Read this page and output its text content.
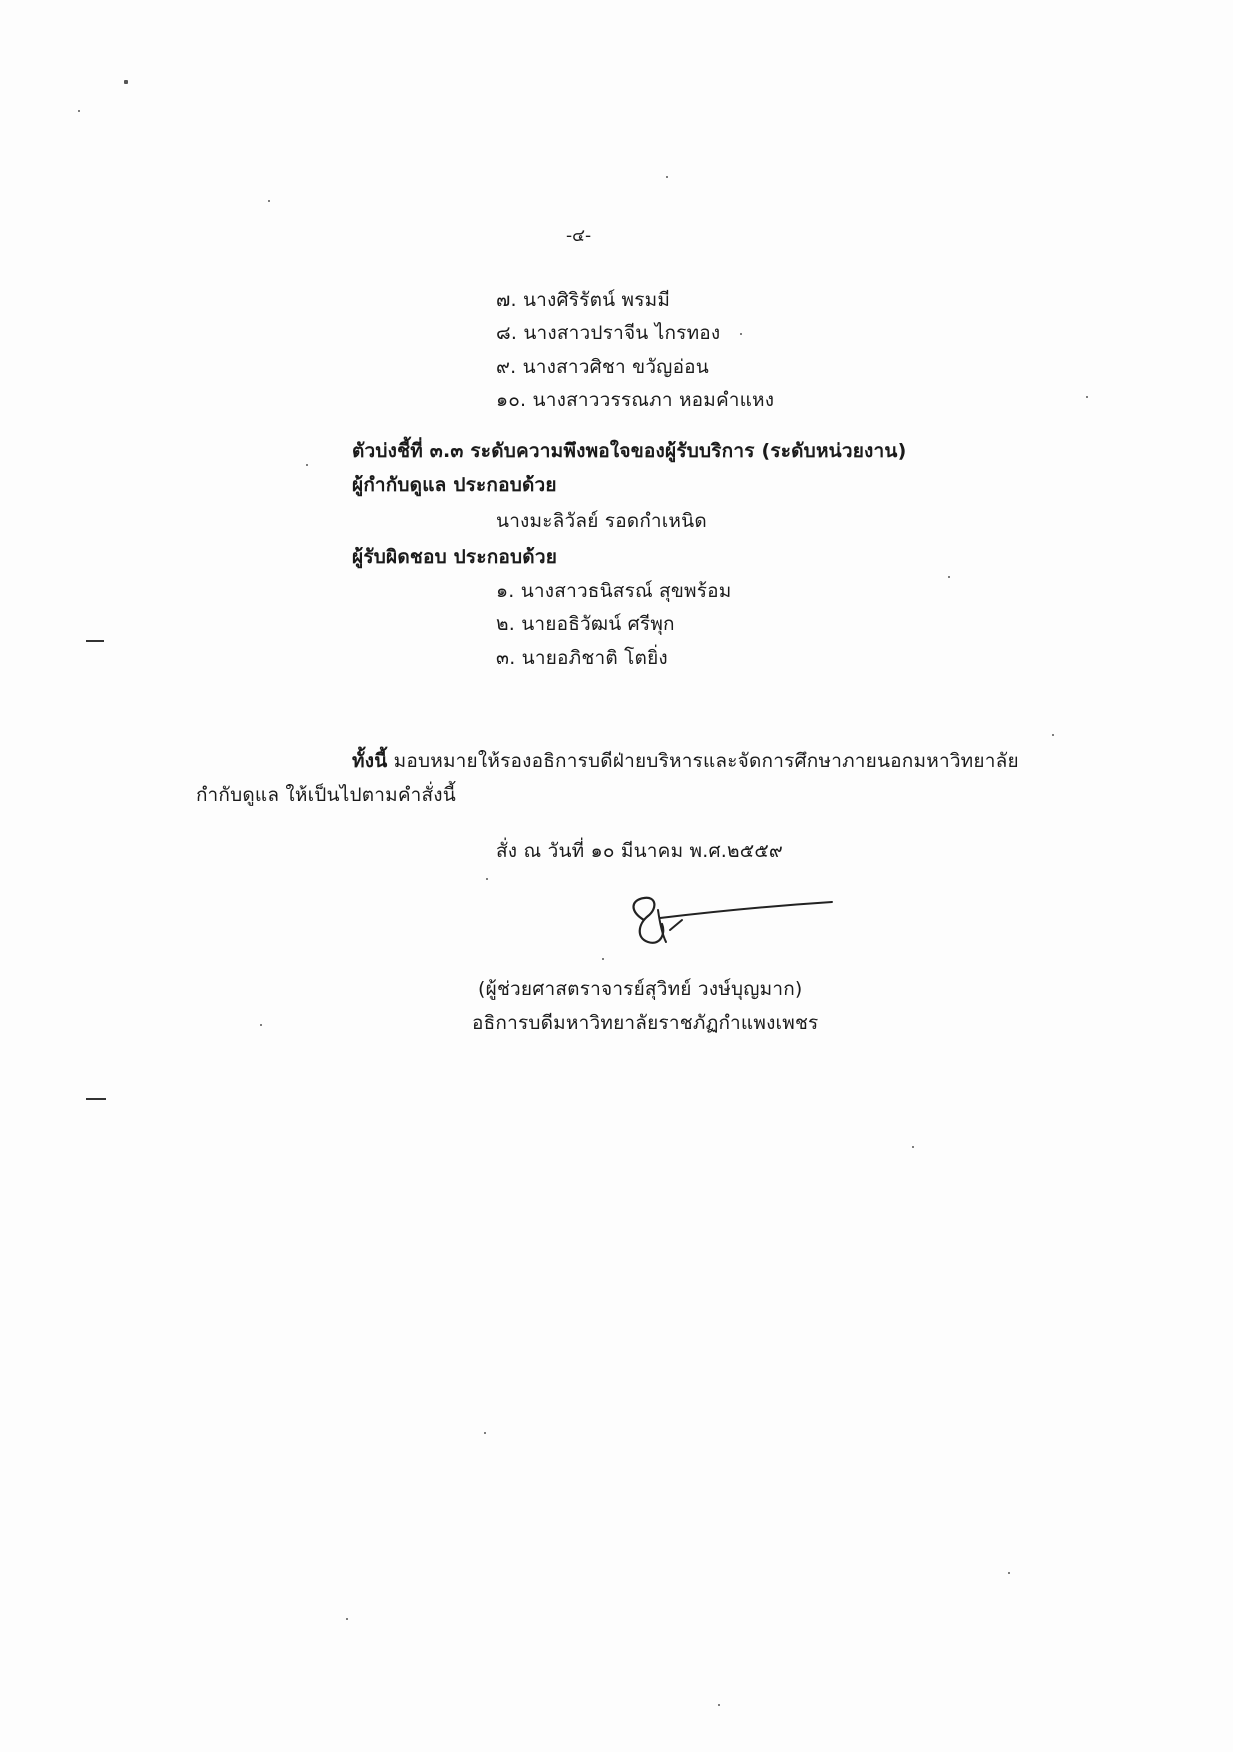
-๔-
๗. นางศิริรัตน์ พรมมี
๘. นางสาวปราจีน ไกรทอง
๙. นางสาวศิชา ขวัญอ่อน
๑๐. นางสาววรรณภา หอมคำแหง
ตัวบ่งชี้ที่ ๓.๓ ระดับความพึงพอใจของผู้รับบริการ (ระดับหน่วยงาน)
ผู้กำกับดูแล ประกอบด้วย
นางมะลิวัลย์ รอดกำเหนิด
ผู้รับผิดชอบ ประกอบด้วย
๑. นางสาวธนิสรณ์ สุขพร้อม
๒. นายอธิวัฒน์ ศรีพุก
๓. นายอภิชาติ โตยิ่ง
ทั้งนี้ มอบหมายให้รองอธิการบดีฝ่ายบริหารและจัดการศึกษาภายนอกมหาวิทยาลัย
กำกับดูแล ให้เป็นไปตามคำสั่งนี้
สั่ง ณ วันที่ ๑๐ มีนาคม พ.ศ.๒๕๕๙
(ผู้ช่วยศาสตราจารย์สุวิทย์ วงษ์บุญมาก)
อธิการบดีมหาวิทยาลัยราชภัฏกำแพงเพชร
